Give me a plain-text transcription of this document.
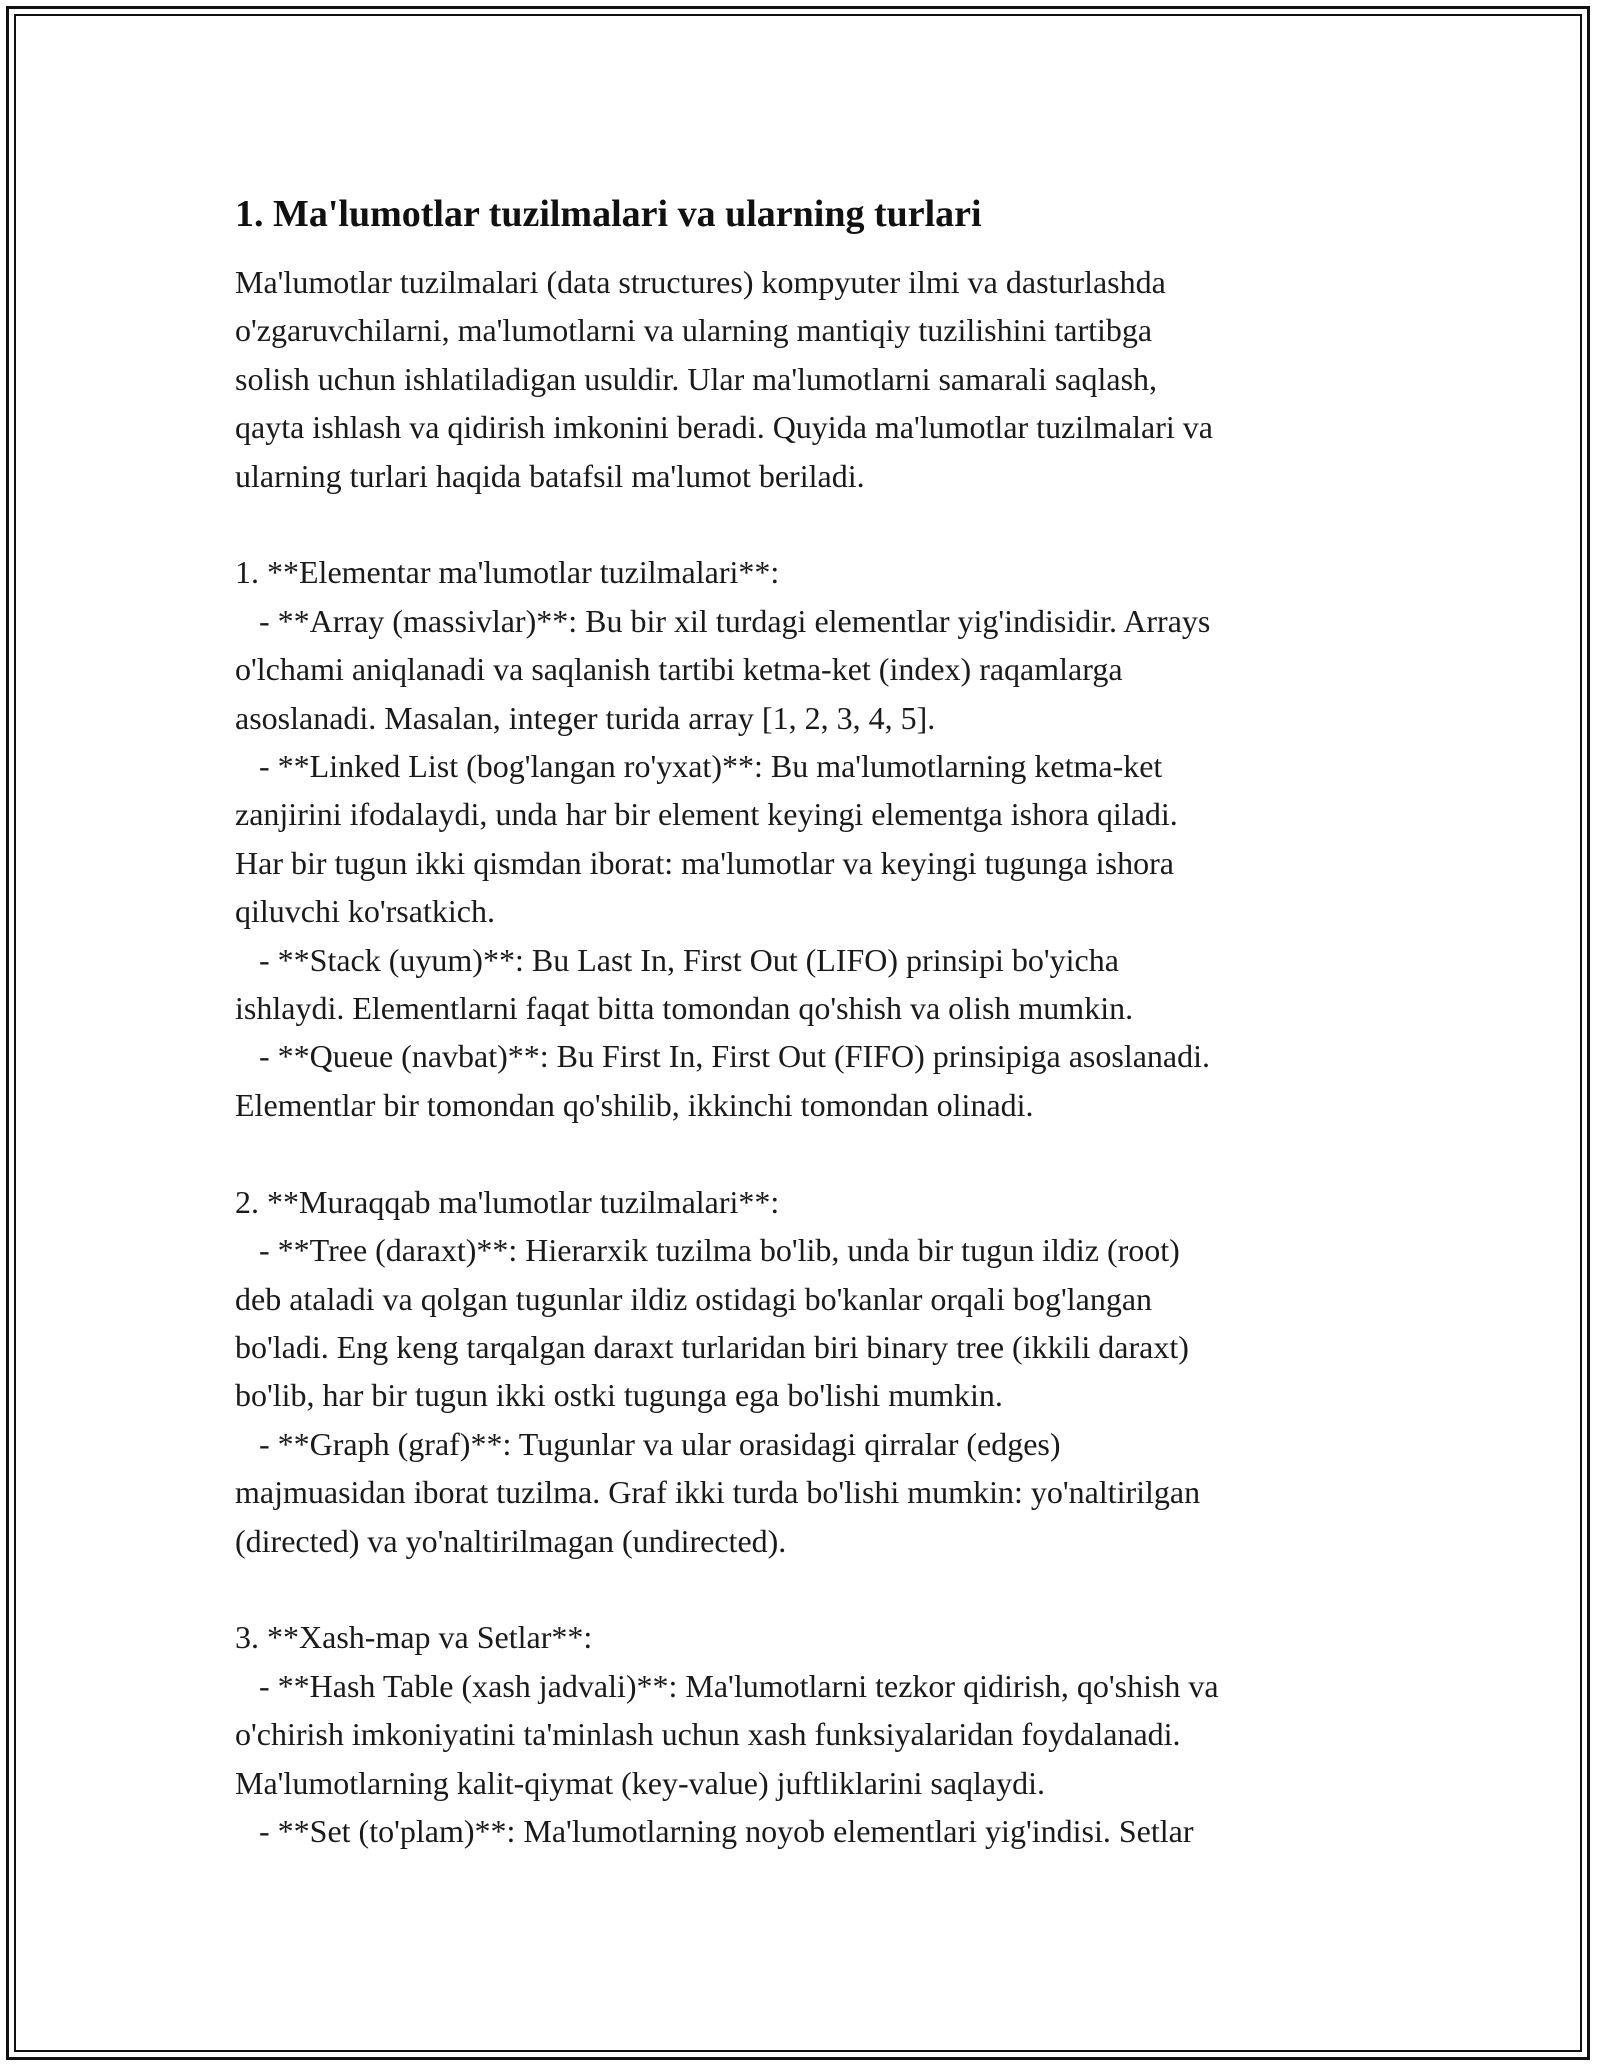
1. Ma'lumotlar tuzilmalari va ularning turlari

Ma'lumotlar tuzilmalari (data structures) kompyuter ilmi va dasturlashda
o'zgaruvchilarni, ma'lumotlarni va ularning mantiqiy tuzilishini tartibga
solish uchun ishlatiladigan usuldir. Ular ma'lumotlarni samarali saqlash,
qayta ishlash va qidirish imkonini beradi. Quyida ma'lumotlar tuzilmalari va
ularning turlari haqida batafsil ma'lumot beriladi.

1. **Elementar ma'lumotlar tuzilmalari**:
- **Array (massivlar)**: Bu bir xil turdagi elementlar yig'indisidir. Arrays
o'lchami aniqlanadi va saqlanish tartibi ketma-ket (index) raqamlarga
asoslanadi. Masalan, integer turida array [1, 2, 3, 4, 5].
- **Linked List (bog'langan ro'yxat)**: Bu ma'lumotlarning ketma-ket
zanjirini ifodalaydi, unda har bir element keyingi elementga ishora qiladi.
Har bir tugun ikki qismdan iborat: ma'lumotlar va keyingi tugunga ishora
qiluvchi ko'rsatkich.
- **Stack (uyum)**: Bu Last In, First Out (LIFO) prinsipi bo'yicha
ishlaydi. Elementlarni faqat bitta tomondan qo'shish va olish mumkin.
- **Queue (navbat)**: Bu First In, First Out (FIFO) prinsipiga asoslanadi.
Elementlar bir tomondan qo'shilib, ikkinchi tomondan olinadi.

2. **Muraqqab ma'lumotlar tuzilmalari**:
- **Tree (daraxt)**: Hierarxik tuzilma bo'lib, unda bir tugun ildiz (root)
deb ataladi va qolgan tugunlar ildiz ostidagi bo'kanlar orqali bog'langan
bo'ladi. Eng keng tarqalgan daraxt turlaridan biri binary tree (ikkili daraxt)
bo'lib, har bir tugun ikki ostki tugunga ega bo'lishi mumkin.
- **Graph (graf)**: Tugunlar va ular orasidagi qirralar (edges)
majmuasidan iborat tuzilma. Graf ikki turda bo'lishi mumkin: yo'naltirilgan
(directed) va yo'naltirilmagan (undirected).

3. **Xash-map va Setlar**:
- **Hash Table (xash jadvali)**: Ma'lumotlarni tezkor qidirish, qo'shish va
o'chirish imkoniyatini ta'minlash uchun xash funksiyalaridan foydalanadi.
Ma'lumotlarning kalit-qiymat (key-value) juftliklarini saqlaydi.
- **Set (to'plam)**: Ma'lumotlarning noyob elementlari yig'indisi. Setlar
